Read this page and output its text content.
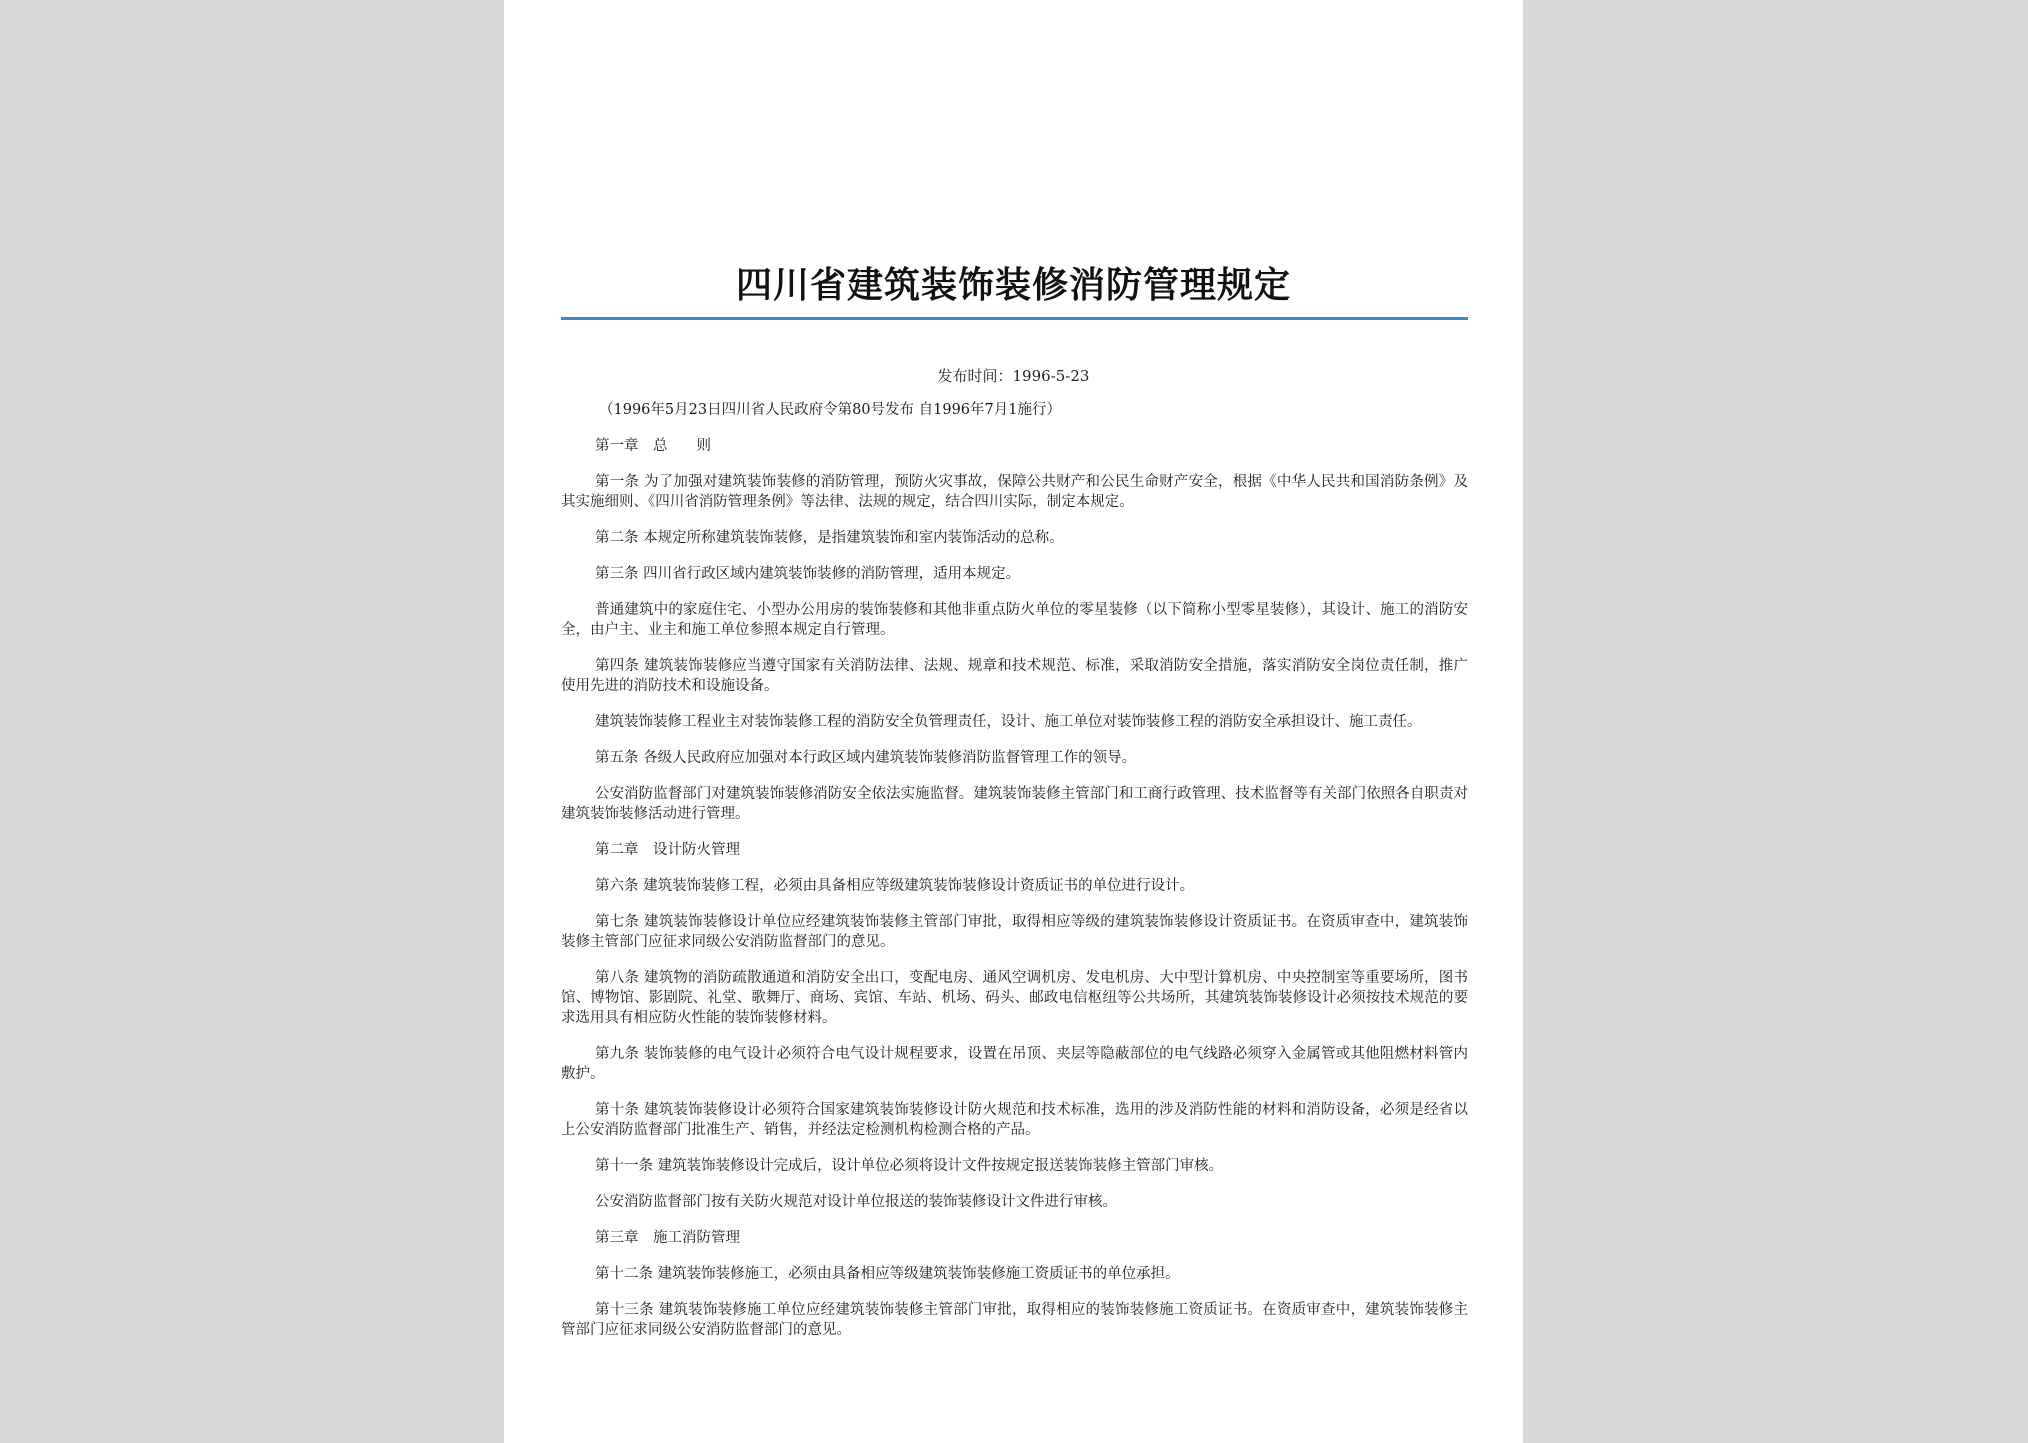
四川省建筑装饰装修消防管理规定
发布时间：1996-5-23

（1996年5月23日四川省人民政府令第80号发布 自1996年7月1施行）

第一章　总　　则

第一条 为了加强对建筑装饰装修的消防管理，预防火灾事故，保障公共财产和公民生命财产安全，根据《中华人民共和国消防条例》及其实施细则、《四川省消防管理条例》等法律、法规的规定，结合四川实际，制定本规定。

第二条 本规定所称建筑装饰装修，是指建筑装饰和室内装饰活动的总称。

第三条 四川省行政区域内建筑装饰装修的消防管理，适用本规定。

普通建筑中的家庭住宅、小型办公用房的装饰装修和其他非重点防火单位的零星装修（以下简称小型零星装修），其设计、施工的消防安全，由户主、业主和施工单位参照本规定自行管理。

第四条 建筑装饰装修应当遵守国家有关消防法律、法规、规章和技术规范、标准，采取消防安全措施，落实消防安全岗位责任制，推广使用先进的消防技术和设施设备。

建筑装饰装修工程业主对装饰装修工程的消防安全负管理责任，设计、施工单位对装饰装修工程的消防安全承担设计、施工责任。

第五条 各级人民政府应加强对本行政区域内建筑装饰装修消防监督管理工作的领导。

公安消防监督部门对建筑装饰装修消防安全依法实施监督。建筑装饰装修主管部门和工商行政管理、技术监督等有关部门依照各自职责对建筑装饰装修活动进行管理。

第二章　设计防火管理

第六条 建筑装饰装修工程，必须由具备相应等级建筑装饰装修设计资质证书的单位进行设计。

第七条 建筑装饰装修设计单位应经建筑装饰装修主管部门审批，取得相应等级的建筑装饰装修设计资质证书。在资质审查中，建筑装饰装修主管部门应征求同级公安消防监督部门的意见。

第八条 建筑物的消防疏散通道和消防安全出口，变配电房、通风空调机房、发电机房、大中型计算机房、中央控制室等重要场所，图书馆、博物馆、影剧院、礼堂、歌舞厅、商场、宾馆、车站、机场、码头、邮政电信枢纽等公共场所，其建筑装饰装修设计必须按技术规范的要求选用具有相应防火性能的装饰装修材料。

第九条 装饰装修的电气设计必须符合电气设计规程要求，设置在吊顶、夹层等隐蔽部位的电气线路必须穿入金属管或其他阻燃材料管内敷护。

第十条 建筑装饰装修设计必须符合国家建筑装饰装修设计防火规范和技术标准，选用的涉及消防性能的材料和消防设备，必须是经省以上公安消防监督部门批准生产、销售，并经法定检测机构检测合格的产品。

第十一条 建筑装饰装修设计完成后，设计单位必须将设计文件按规定报送装饰装修主管部门审核。

公安消防监督部门按有关防火规范对设计单位报送的装饰装修设计文件进行审核。

第三章　施工消防管理

第十二条 建筑装饰装修施工，必须由具备相应等级建筑装饰装修施工资质证书的单位承担。

第十三条 建筑装饰装修施工单位应经建筑装饰装修主管部门审批，取得相应的装饰装修施工资质证书。在资质审查中，建筑装饰装修主管部门应征求同级公安消防监督部门的意见。
